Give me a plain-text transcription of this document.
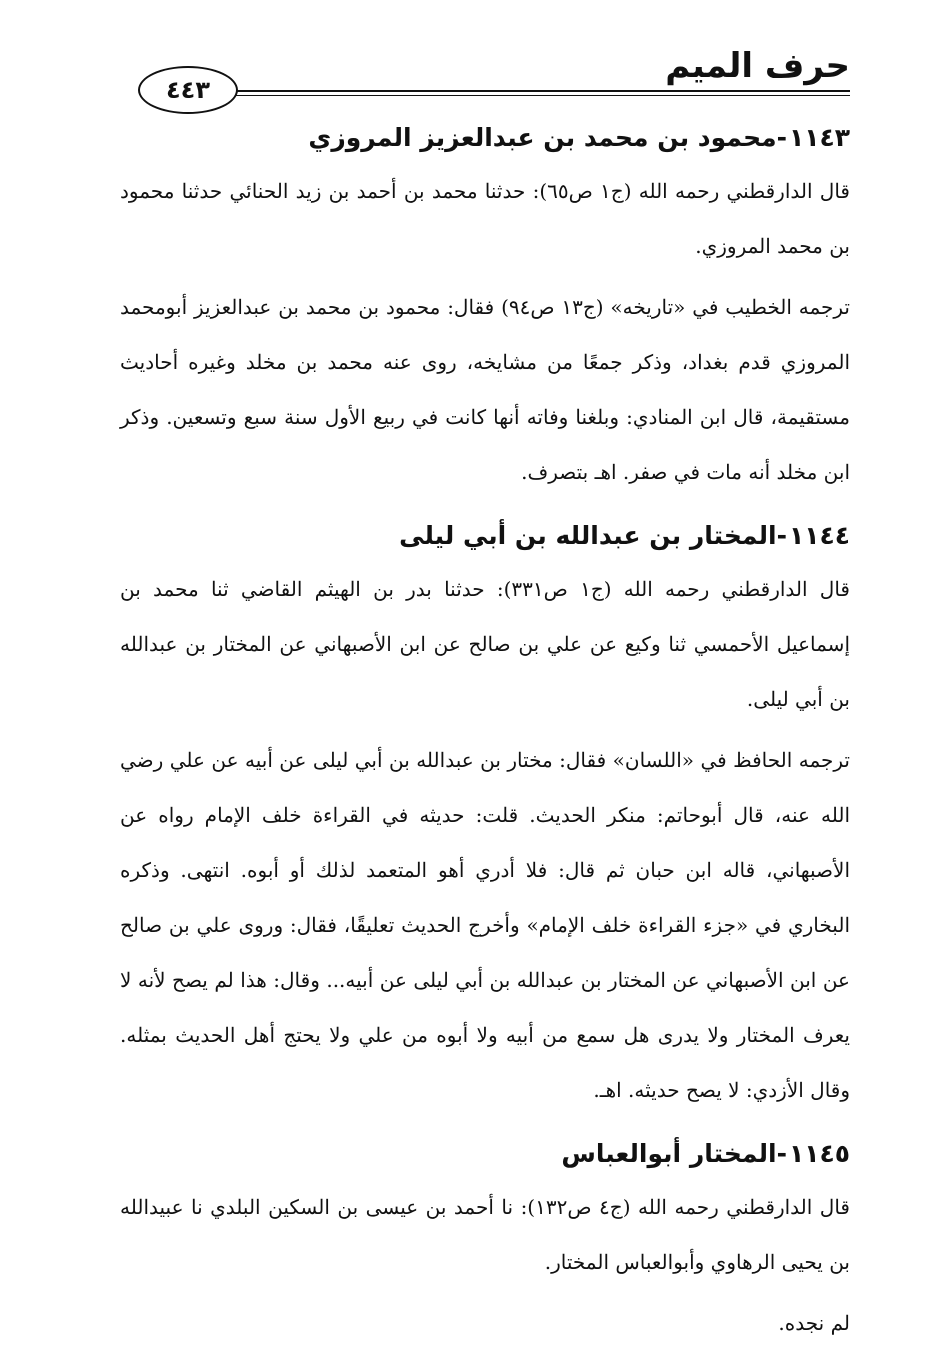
حرف الميم
٤٤٣
١١٤٣-محمود بن محمد بن عبدالعزيز المروزي

قال الدارقطني رحمه الله (ج١ ص٦٥): حدثنا محمد بن أحمد بن زيد الحنائي حدثنا محمود بن محمد المروزي.

ترجمه الخطيب في «تاريخه» (ج١٣ ص٩٤) فقال: محمود بن محمد بن عبدالعزيز أبومحمد المروزي قدم بغداد، وذكر جمعًا من مشايخه، روى عنه محمد بن مخلد وغيره أحاديث مستقيمة، قال ابن المنادي: وبلغنا وفاته أنها كانت في ربيع الأول سنة سبع وتسعين. وذكر ابن مخلد أنه مات في صفر. اهـ بتصرف.

١١٤٤-المختار بن عبدالله بن أبي ليلى

قال الدارقطني رحمه الله (ج١ ص٣٣١): حدثنا بدر بن الهيثم القاضي ثنا محمد بن إسماعيل الأحمسي ثنا وكيع عن علي بن صالح عن ابن الأصبهاني عن المختار بن عبدالله بن أبي ليلى.

ترجمه الحافظ في «اللسان» فقال: مختار بن عبدالله بن أبي ليلى عن أبيه عن علي رضي الله عنه، قال أبوحاتم: منكر الحديث. قلت: حديثه في القراءة خلف الإمام رواه عن الأصبهاني، قاله ابن حبان ثم قال: فلا أدري أهو المتعمد لذلك أو أبوه. انتهى. وذكره البخاري في «جزء القراءة خلف الإمام» وأخرج الحديث تعليقًا، فقال: وروى علي بن صالح عن ابن الأصبهاني عن المختار بن عبدالله بن أبي ليلى عن أبيه... وقال: هذا لم يصح لأنه لا يعرف المختار ولا يدرى هل سمع من أبيه ولا أبوه من علي ولا يحتج أهل الحديث بمثله. وقال الأزدي: لا يصح حديثه. اهـ.

١١٤٥-المختار أبوالعباس

قال الدارقطني رحمه الله (ج٤ ص١٣٢): نا أحمد بن عيسى بن السكين البلدي نا عبيدالله بن يحيى الرهاوي وأبوالعباس المختار.

لم نجده.
